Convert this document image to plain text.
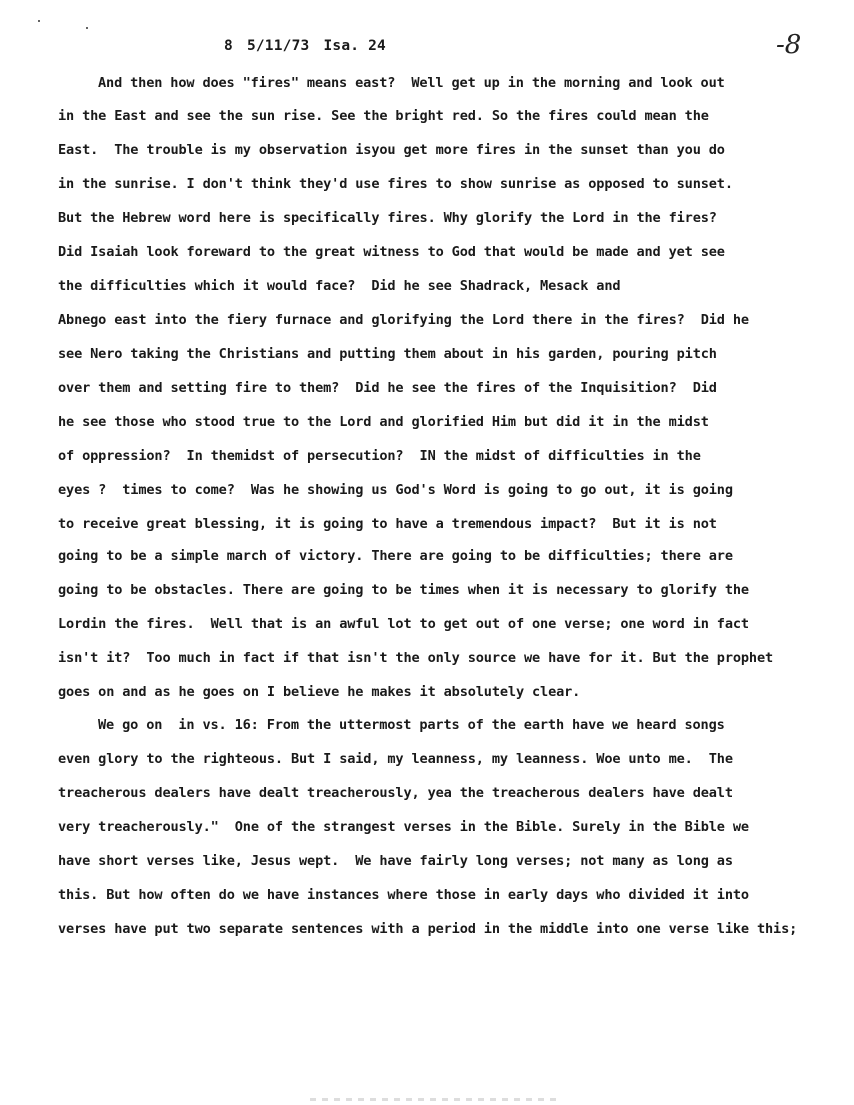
8 5/11/73 Isa. 24	-8
And then how does "fires" means east?  Well get up in the morning and look out
in the East and see the sun rise. See the bright red. So the fires could mean the
East.  The trouble is my observation isyou get more fires in the sunset than you do
in the sunrise. I don't think they'd use fires to show sunrise as opposed to sunset.
But the Hebrew word here is specifically fires. Why glorify the Lord in the fires?
Did Isaiah look foreward to the great witness to God that would be made and yet see
the difficulties which it would face?  Did he see Shadrack, Mesack and
Abnego east into the fiery furnace and glorifying the Lord there in the fires?  Did he
see Nero taking the Christians and putting them about in his garden, pouring pitch
over them and setting fire to them?  Did he see the fires of the Inquisition?  Did
he see those who stood true to the Lord and glorified Him but did it in the midst
of oppression?  In themidst of persecution?  IN the midst of difficulties in the
eyes ?  times to come?  Was he showing us God's Word is going to go out, it is going
to receive great blessing, it is going to have a tremendous impact?  But it is not
going to be a simple march of victory. There are going to be difficulties; there are
going to be obstacles. There are going to be times when it is necessary to glorify the
Lordin the fires.  Well that is an awful lot to get out of one verse; one word in fact
isn't it?  Too much in fact if that isn't the only source we have for it. But the prophet
goes on and as he goes on I believe he makes it absolutely clear.
We go on  in vs. 16: From the uttermost parts of the earth have we heard songs
even glory to the righteous. But I said, my leanness, my leanness. Woe unto me.  The
treacherous dealers have dealt treacherously, yea the treacherous dealers have dealt
very treacherously."  One of the strangest verses in the Bible. Surely in the Bible we
have short verses like, Jesus wept.  We have fairly long verses; not many as long as
this. But how often do we have instances where those in early days who divided it into
verses have put two separate sentences with a period in the middle into one verse like this;
